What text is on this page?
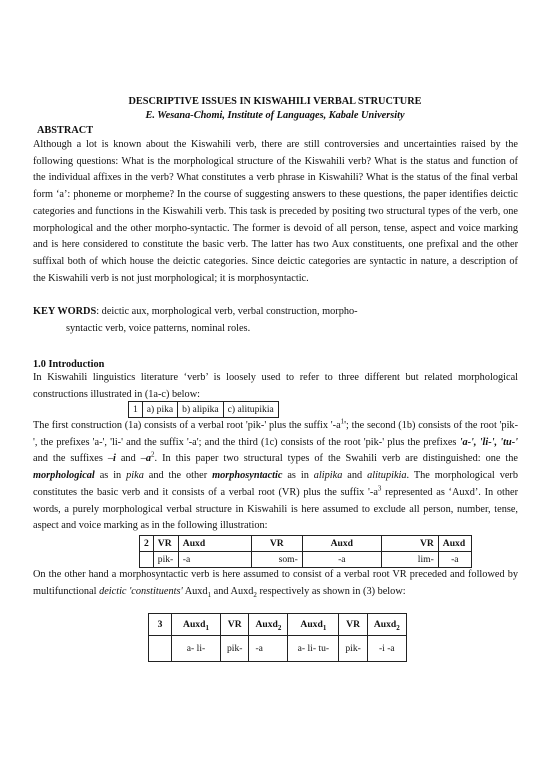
DESCRIPTIVE ISSUES IN KISWAHILI VERBAL STRUCTURE
E. Wesana-Chomi, Institute of Languages, Kabale University
ABSTRACT
Although a lot is known about the Kiswahili verb, there are still controversies and uncertainties raised by the following questions: What is the morphological structure of the Kiswahili verb? What is the status and function of the individual affixes in the verb? What constitutes a verb phrase in Kiswahili? What is the status of the final verbal form ‘a’: phoneme or morpheme? In the course of suggesting answers to these questions, the paper identifies deictic categories and functions in the Kiswahili verb. This task is preceded by positing two structural types of the verb, one morphological and the other morpho-syntactic. The former is devoid of all person, tense, aspect and voice marking and is here considered to constitute the basic verb. The latter has two Aux constituents, one prefixal and the other suffixal both of which house the deictic categories. Since deictic categories are syntactic in nature, a description of the Kiswahili verb is not just morphological; it is morphosyntactic.
KEY WORDS: deictic aux, morphological verb, verbal construction, morpho-
syntactic verb, voice patterns, nominal roles.
1.0 Introduction
In Kiswahili linguistics literature ‘verb’ is loosely used to refer to three different but related morphological constructions illustrated in (1a-c) below:
1	a) pika	b) alipika	c) alitupikia
The first construction (1a) consists of a verbal root 'pik-' plus the suffix '$-a^1$'; the second (1b) consists of the root 'pik-', the prefixes 'a-', 'li-' and the suffix '-a'; and the third (1c) consists of the root 'pik-' plus the prefixes 'a-', 'li-', 'tu-' and the suffixes –i and $-a^2$. In this paper two structural types of the Swahili verb are distinguished: one the morphological as in pika and the other morphosyntactic as in alipika and alitupikia. The morphological verb constitutes the basic verb and it consists of a verbal root (VR) plus the suffix '$-a^3$ represented as ‘Auxd’. In other words, a purely morphological verbal structure in Kiswahili is here assumed to exclude all person, number, tense, aspect and voice marking as in the following illustration:
2	VR	Auxd	VR	Auxd	VR	Auxd
	pik-	-a	som-	-a	lim-	-a
On the other hand a morphosyntactic verb is here assumed to consist of a verbal root VR preceded and followed by multifunctional deictic 'constituents' Auxd$_1$ and Auxd$_2$ respectively as shown in (3) below:
3	Auxd$_1$	VR	Auxd$_2$	Auxd$_1$	VR	Auxd$_2$
	a- li-	pik-	-a	a- li- tu-	pik-	-i -a
